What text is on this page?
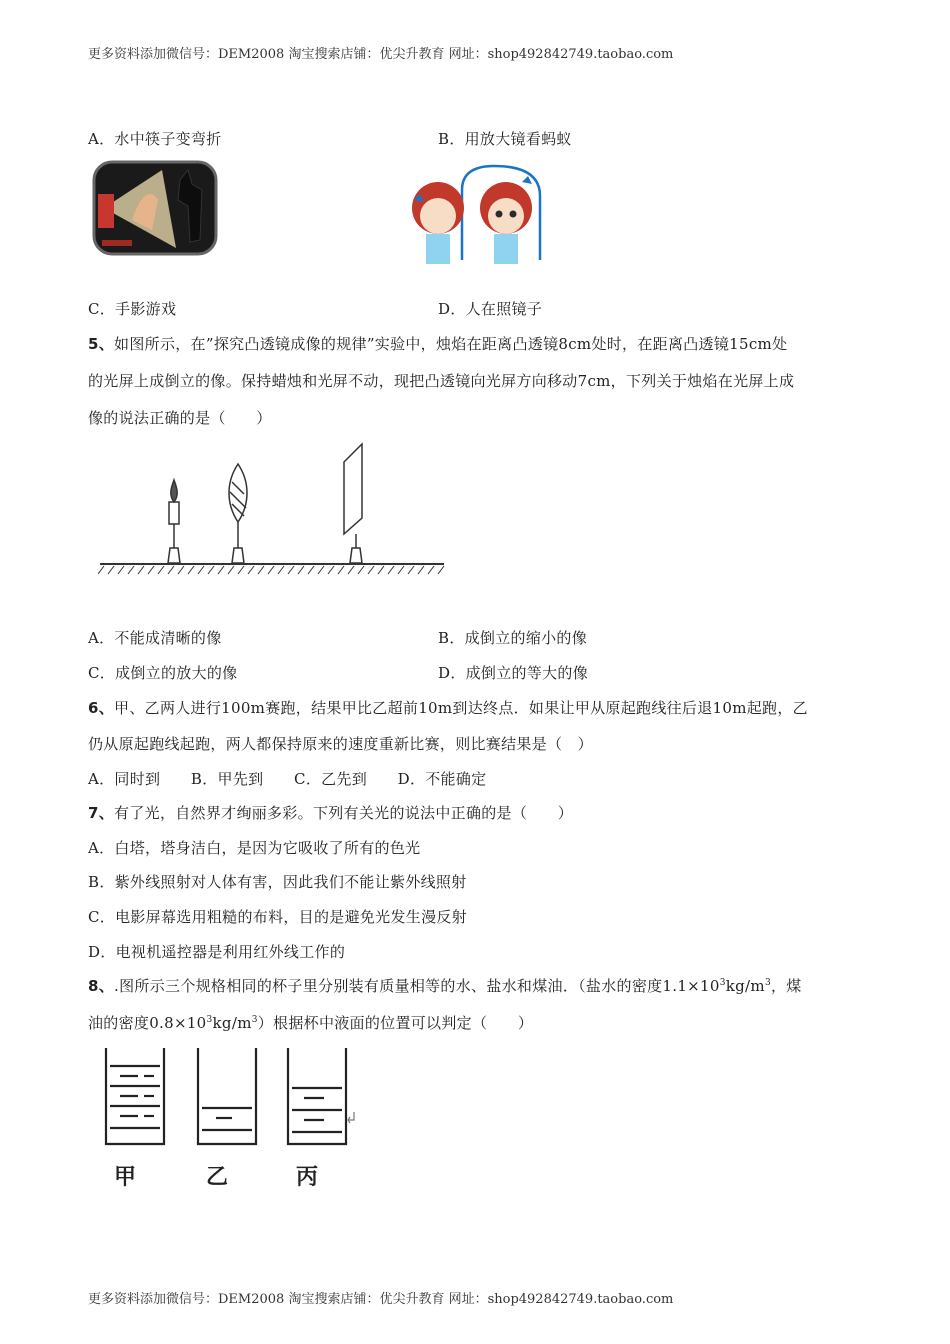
更多资料添加微信号：DEM2008 淘宝搜索店铺：优尖升教育 网址：shop492842749.taobao.com
A．水中筷子变弯折	B．用放大镜看蚂蚁
C．手影游戏	D．人在照镜子
5、如图所示，在”探究凸透镜成像的规律”实验中，烛焰在距离凸透镜8cm处时，在距离凸透镜15cm处
的光屏上成倒立的像。保持蜡烛和光屏不动，现把凸透镜向光屏方向移动7cm，下列关于烛焰在光屏上成
像的说法正确的是（　　）
A．不能成清晰的像	B．成倒立的缩小的像
C．成倒立的放大的像	D．成倒立的等大的像
6、甲、乙两人进行100m赛跑，结果甲比乙超前10m到达终点．如果让甲从原起跑线往后退10m起跑，乙
仍从原起跑线起跑，两人都保持原来的速度重新比赛，则比赛结果是（　）
A．同时到　　B．甲先到　　C．乙先到　　D．不能确定
7、有了光，自然界才绚丽多彩。下列有关光的说法中正确的是（　　）
A．白塔，塔身洁白，是因为它吸收了所有的色光
B．紫外线照射对人体有害，因此我们不能让紫外线照射
C．电影屏幕选用粗糙的布料，目的是避免光发生漫反射
D．电视机遥控器是利用红外线工作的
8、.图所示三个规格相同的杯子里分别装有质量相等的水、盐水和煤油．（盐水的密度$1.1\times 10^3kg/m^3$，煤
油的密度$0.8\times 10^3kg/m^3$）根据杯中液面的位置可以判定（　　）
甲	乙	丙
更多资料添加微信号：DEM2008 淘宝搜索店铺：优尖升教育 网址：shop492842749.taobao.com
